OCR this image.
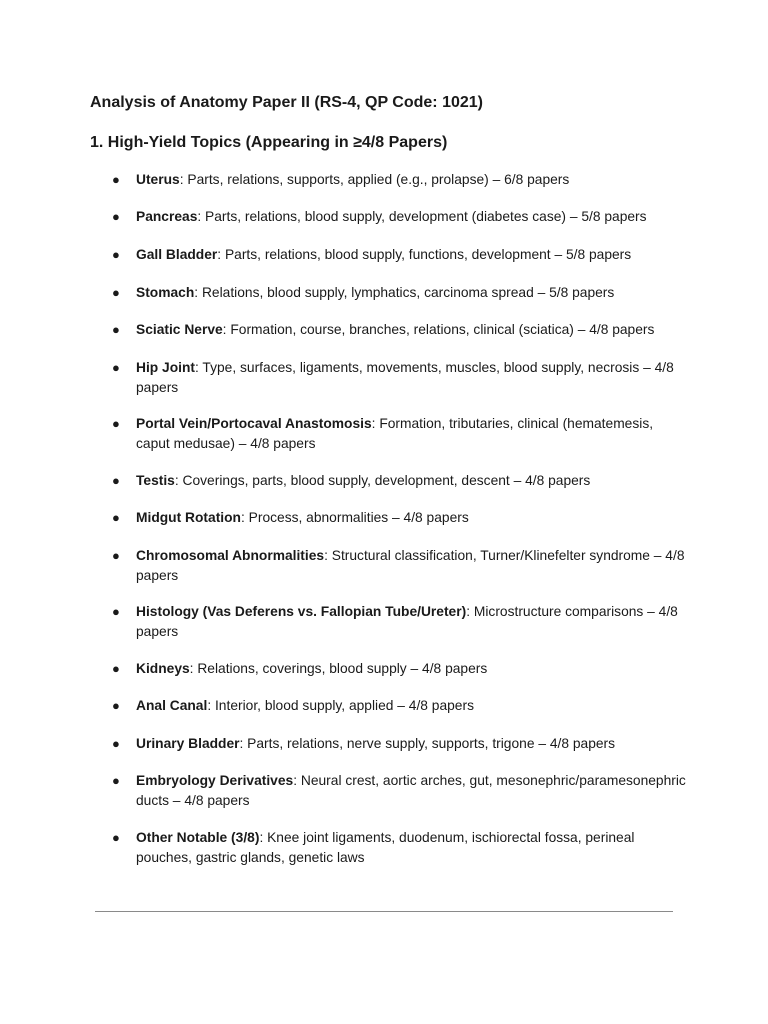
Analysis of Anatomy Paper II (RS-4, QP Code: 1021)
1. High-Yield Topics (Appearing in ≥4/8 Papers)
● Uterus: Parts, relations, supports, applied (e.g., prolapse) – 6/8 papers
● Pancreas: Parts, relations, blood supply, development (diabetes case) – 5/8 papers
● Gall Bladder: Parts, relations, blood supply, functions, development – 5/8 papers
● Stomach: Relations, blood supply, lymphatics, carcinoma spread – 5/8 papers
● Sciatic Nerve: Formation, course, branches, relations, clinical (sciatica) – 4/8 papers
● Hip Joint: Type, surfaces, ligaments, movements, muscles, blood supply, necrosis – 4/8 papers
● Portal Vein/Portocaval Anastomosis: Formation, tributaries, clinical (hematemesis, caput medusae) – 4/8 papers
● Testis: Coverings, parts, blood supply, development, descent – 4/8 papers
● Midgut Rotation: Process, abnormalities – 4/8 papers
● Chromosomal Abnormalities: Structural classification, Turner/Klinefelter syndrome – 4/8 papers
● Histology (Vas Deferens vs. Fallopian Tube/Ureter): Microstructure comparisons – 4/8 papers
● Kidneys: Relations, coverings, blood supply – 4/8 papers
● Anal Canal: Interior, blood supply, applied – 4/8 papers
● Urinary Bladder: Parts, relations, nerve supply, supports, trigone – 4/8 papers
● Embryology Derivatives: Neural crest, aortic arches, gut, mesonephric/paramesonephric ducts – 4/8 papers
● Other Notable (3/8): Knee joint ligaments, duodenum, ischiorectal fossa, perineal pouches, gastric glands, genetic laws
